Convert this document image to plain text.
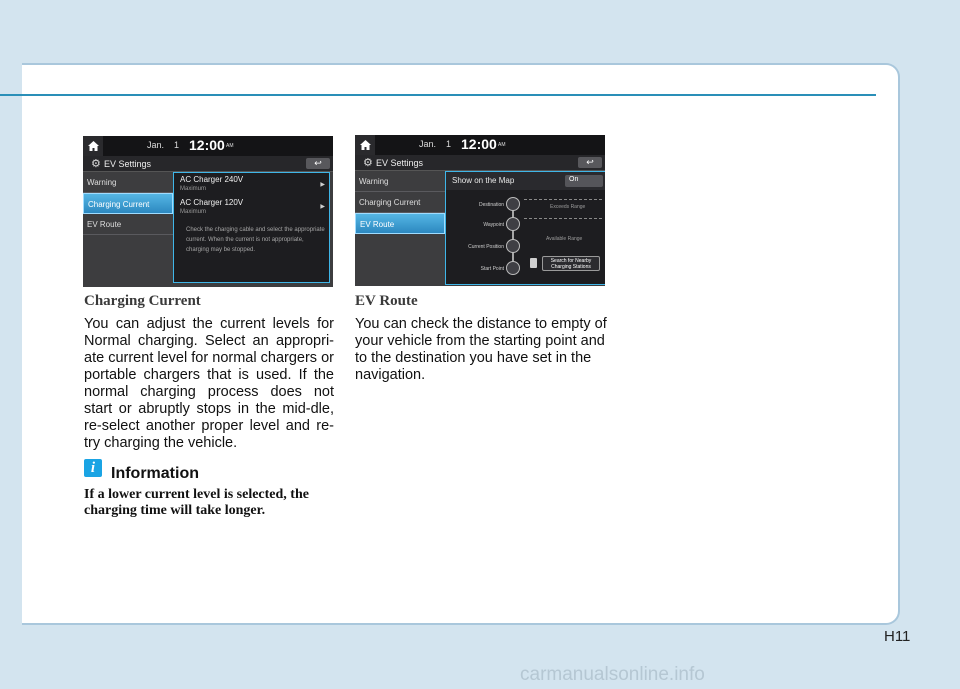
Jan. 1 12:00 AM
⚙ EV Settings	↩
Warning
Charging Current
EV Route
AC Charger 240V
Maximum
▶
AC Charger 120V
Maximum
▶
Check the charging cable and select the appropriate current. When the current is not appropriate, charging may be stopped.
Jan. 1 12:00 AM
⚙ EV Settings	↩
Warning
Charging Current
EV Route
Show on the Map	On
Destination
Waypoint
Current Position
Start Point
Exceeds Range
Available Range
Search for Nearby
Charging Stations
Charging Current
You can adjust the current levels for Normal charging. Select an appropri-ate current level for normal chargers or portable chargers that is used. If the normal charging process does not start or abruptly stops in the mid-dle, re-select another proper level and re-try charging the vehicle.
i Information
If a lower current level is selected, the charging time will take longer.
EV Route
You can check the distance to empty of your vehicle from the starting point and to the destination you have set in the navigation.
H11
carmanualsonline.info
